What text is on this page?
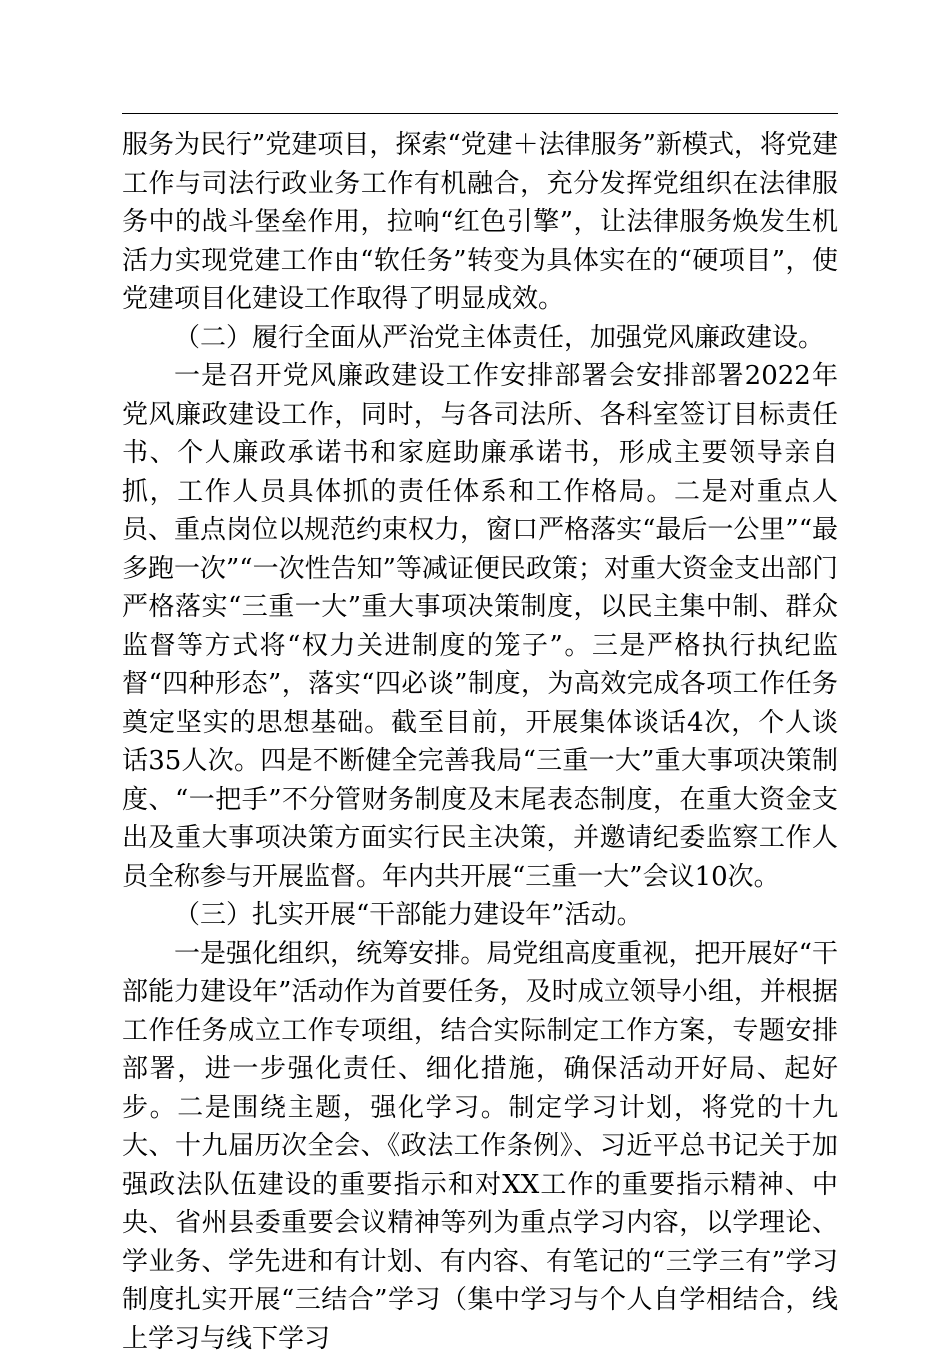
服务为民行”党建项目，探索“党建＋法律服务”新模式，将党建工作与司法行政业务工作有机融合，充分发挥党组织在法律服务中的战斗堡垒作用，拉响“红色引擎”，让法律服务焕发生机活力实现党建工作由“软任务”转变为具体实在的“硬项目”，使党建项目化建设工作取得了明显成效。

（二）履行全面从严治党主体责任，加强党风廉政建设。

一是召开党风廉政建设工作安排部署会安排部署2022年党风廉政建设工作，同时，与各司法所、各科室签订目标责任书、个人廉政承诺书和家庭助廉承诺书，形成主要领导亲自抓，工作人员具体抓的责任体系和工作格局。二是对重点人员、重点岗位以规范约束权力，窗口严格落实“最后一公里”“最多跑一次”“一次性告知”等减证便民政策；对重大资金支出部门严格落实“三重一大”重大事项决策制度，以民主集中制、群众监督等方式将“权力关进制度的笼子”。三是严格执行执纪监督“四种形态”，落实“四必谈”制度，为高效完成各项工作任务奠定坚实的思想基础。截至目前，开展集体谈话4次，个人谈话35人次。四是不断健全完善我局“三重一大”重大事项决策制度、“一把手”不分管财务制度及末尾表态制度，在重大资金支出及重大事项决策方面实行民主决策，并邀请纪委监察工作人员全称参与开展监督。年内共开展“三重一大”会议10次。

（三）扎实开展“干部能力建设年”活动。

一是强化组织，统筹安排。局党组高度重视，把开展好“干部能力建设年”活动作为首要任务，及时成立领导小组，并根据工作任务成立工作专项组，结合实际制定工作方案，专题安排部署，进一步强化责任、细化措施，确保活动开好局、起好步。二是围绕主题，强化学习。制定学习计划，将党的十九大、十九届历次全会、《政法工作条例》、习近平总书记关于加强政法队伍建设的重要指示和对XX工作的重要指示精神、中央、省州县委重要会议精神等列为重点学习内容，以学理论、学业务、学先进和有计划、有内容、有笔记的“三学三有”学习制度扎实开展“三结合”学习（集中学习与个人自学相结合，线上学习与线下学习
